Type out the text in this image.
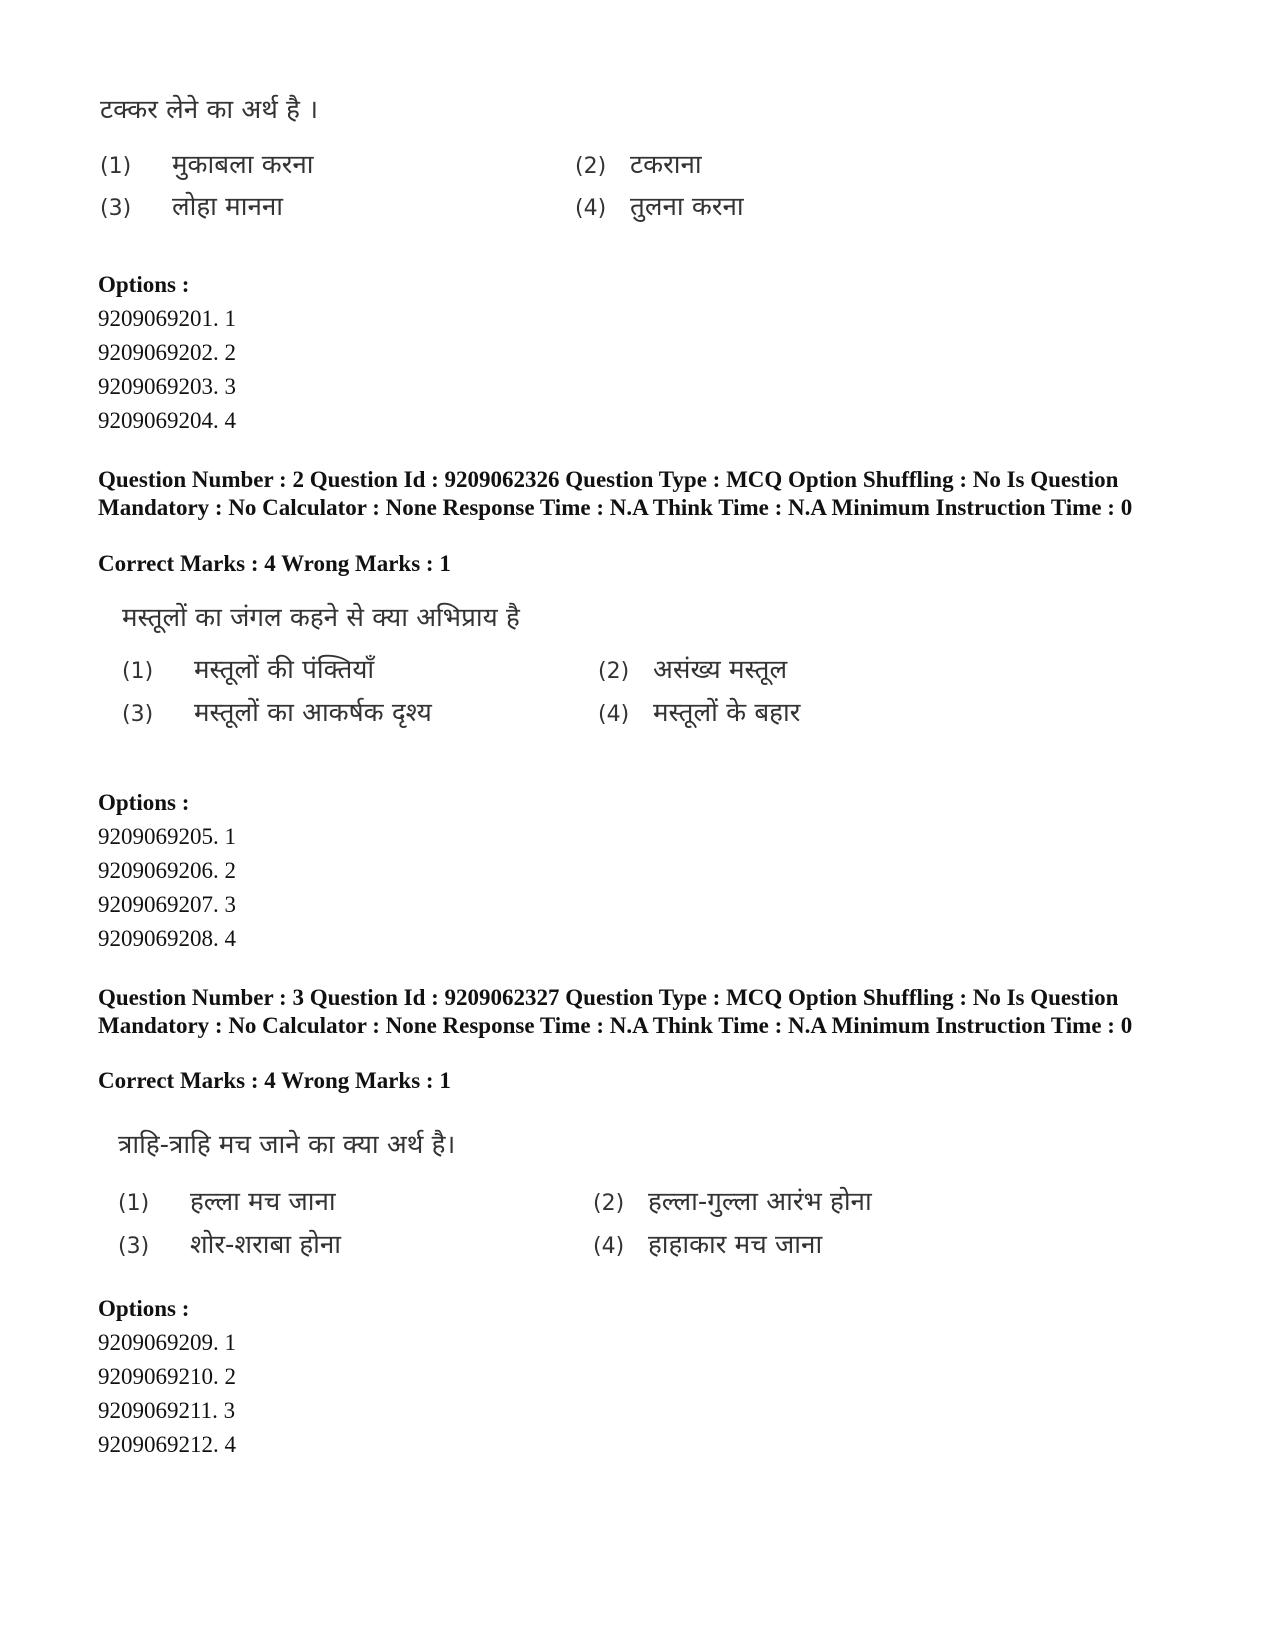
टक्कर लेने का अर्थ है ।
(1)	मुकाबला करना	(2) टकराना
(3)	लोहा मानना	(4) तुलना करना
Options :
9209069201. 1
9209069202. 2
9209069203. 3
9209069204. 4
Question Number : 2 Question Id : 9209062326 Question Type : MCQ Option Shuffling : No Is Question Mandatory : No Calculator : None Response Time : N.A Think Time : N.A Minimum Instruction Time : 0
Correct Marks : 4 Wrong Marks : 1
मस्तूलों का जंगल कहने से क्या अभिप्राय है
(1)	मस्तूलों की पंक्तियाँ	(2) असंख्य मस्तूल
(3)	मस्तूलों का आकर्षक दृश्य	(4) मस्तूलों के बहार
Options :
9209069205. 1
9209069206. 2
9209069207. 3
9209069208. 4
Question Number : 3 Question Id : 9209062327 Question Type : MCQ Option Shuffling : No Is Question Mandatory : No Calculator : None Response Time : N.A Think Time : N.A Minimum Instruction Time : 0
Correct Marks : 4 Wrong Marks : 1
त्राहि-त्राहि मच जाने का क्या अर्थ है।
(1)	हल्ला मच जाना	(2) हल्ला-गुल्ला आरंभ होना
(3)	शोर-शराबा होना	(4) हाहाकार मच जाना
Options :
9209069209. 1
9209069210. 2
9209069211. 3
9209069212. 4
